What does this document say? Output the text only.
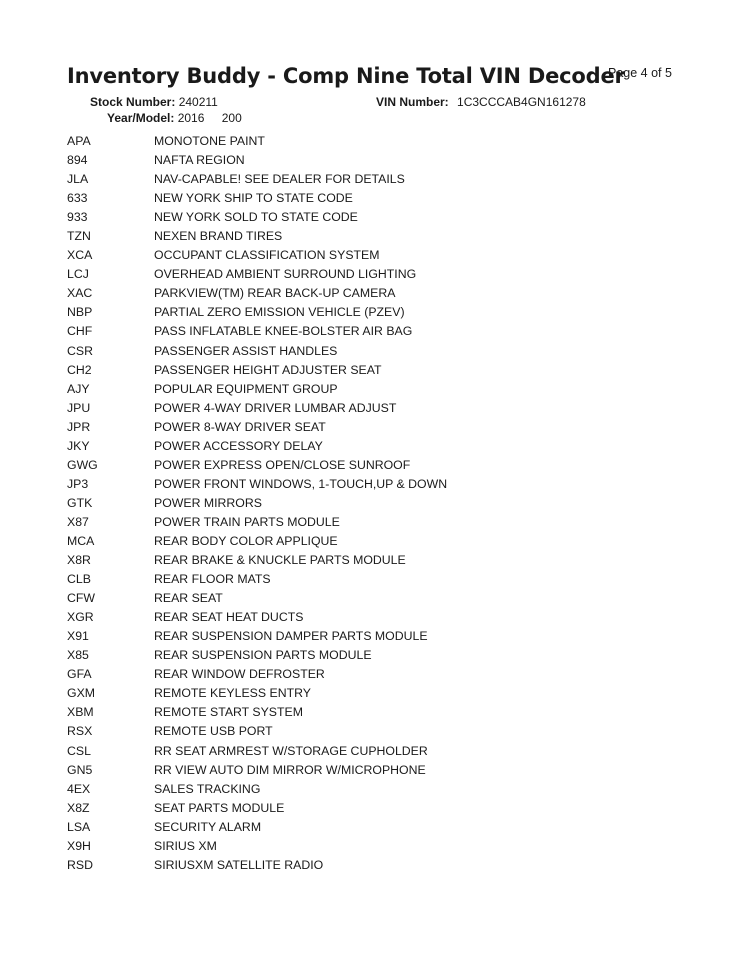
Inventory Buddy - Comp Nine Total VIN Decoder
Page 4 of 5
Stock Number: 240211	VIN Number: 1C3CCCAB4GN161278
Year/Model: 2016 200
APA	MONOTONE PAINT
894	NAFTA REGION
JLA	NAV-CAPABLE! SEE DEALER FOR DETAILS
633	NEW YORK SHIP TO STATE CODE
933	NEW YORK SOLD TO STATE CODE
TZN	NEXEN BRAND TIRES
XCA	OCCUPANT CLASSIFICATION SYSTEM
LCJ	OVERHEAD AMBIENT SURROUND LIGHTING
XAC	PARKVIEW(TM) REAR BACK-UP CAMERA
NBP	PARTIAL ZERO EMISSION VEHICLE (PZEV)
CHF	PASS INFLATABLE KNEE-BOLSTER AIR BAG
CSR	PASSENGER ASSIST HANDLES
CH2	PASSENGER HEIGHT ADJUSTER SEAT
AJY	POPULAR EQUIPMENT GROUP
JPU	POWER 4-WAY DRIVER LUMBAR ADJUST
JPR	POWER 8-WAY DRIVER SEAT
JKY	POWER ACCESSORY DELAY
GWG	POWER EXPRESS OPEN/CLOSE SUNROOF
JP3	POWER FRONT WINDOWS, 1-TOUCH,UP & DOWN
GTK	POWER MIRRORS
X87	POWER TRAIN PARTS MODULE
MCA	REAR BODY COLOR APPLIQUE
X8R	REAR BRAKE & KNUCKLE PARTS MODULE
CLB	REAR FLOOR MATS
CFW	REAR SEAT
XGR	REAR SEAT HEAT DUCTS
X91	REAR SUSPENSION DAMPER PARTS MODULE
X85	REAR SUSPENSION PARTS MODULE
GFA	REAR WINDOW DEFROSTER
GXM	REMOTE KEYLESS ENTRY
XBM	REMOTE START SYSTEM
RSX	REMOTE USB PORT
CSL	RR SEAT ARMREST W/STORAGE CUPHOLDER
GN5	RR VIEW AUTO DIM MIRROR W/MICROPHONE
4EX	SALES TRACKING
X8Z	SEAT PARTS MODULE
LSA	SECURITY ALARM
X9H	SIRIUS XM
RSD	SIRIUSXM SATELLITE RADIO
